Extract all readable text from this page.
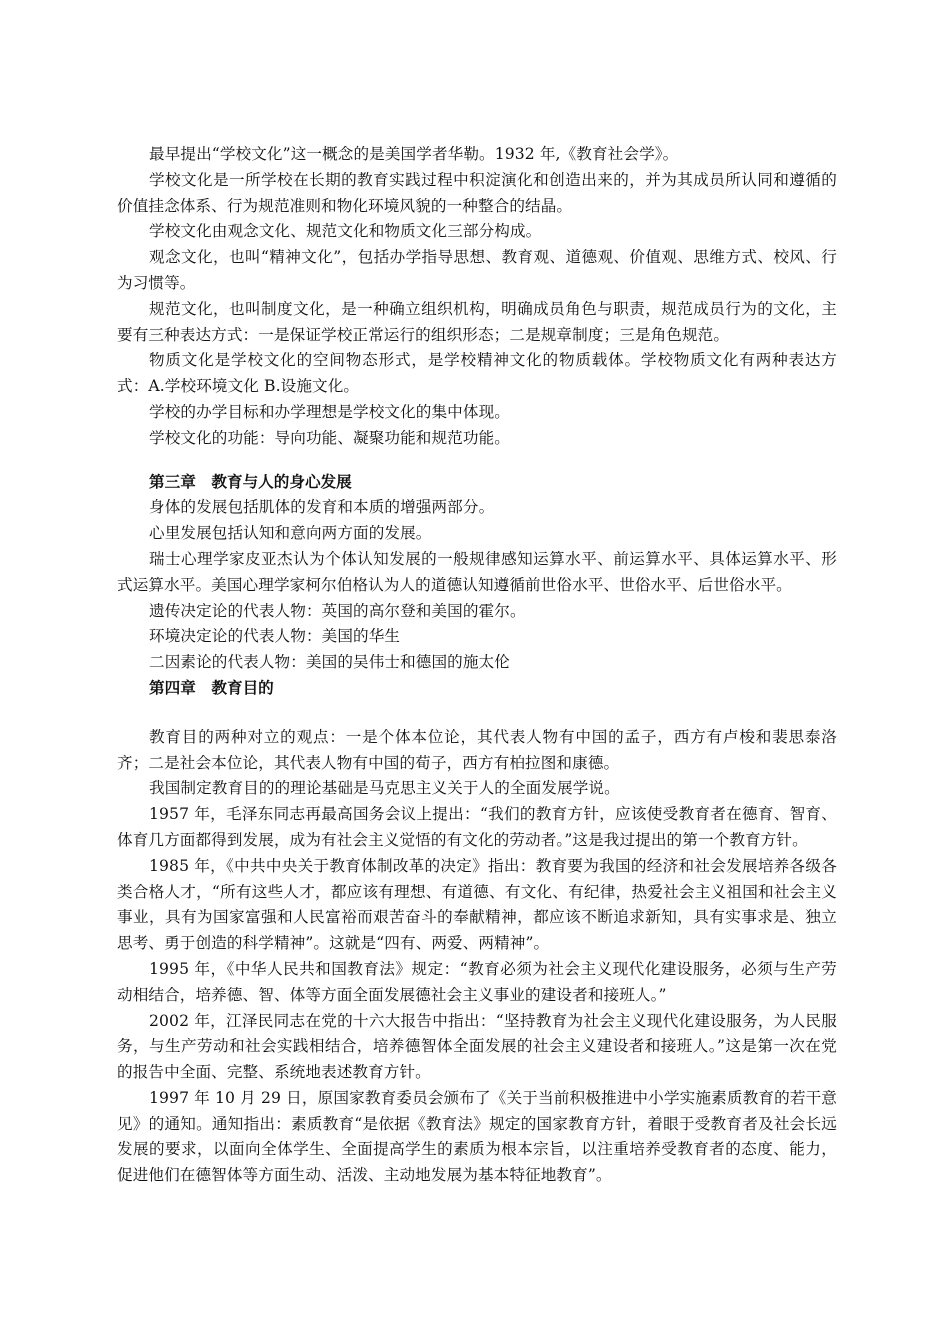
最早提出“学校文化”这一概念的是美国学者华勒。1932 年,《教育社会学》。

学校文化是一所学校在长期的教育实践过程中积淀演化和创造出来的，并为其成员所认同和遵循的价值挂念体系、行为规范准则和物化环境风貌的一种整合的结晶。

学校文化由观念文化、规范文化和物质文化三部分构成。

观念文化，也叫“精神文化”，包括办学指导思想、教育观、道德观、价值观、思维方式、校风、行为习惯等。

规范文化，也叫制度文化，是一种确立组织机构，明确成员角色与职责，规范成员行为的文化，主要有三种表达方式：一是保证学校正常运行的组织形态；二是规章制度；三是角色规范。

物质文化是学校文化的空间物态形式，是学校精神文化的物质载体。学校物质文化有两种表达方式：A.学校环境文化 B.设施文化。

学校的办学目标和办学理想是学校文化的集中体现。

学校文化的功能：导向功能、凝聚功能和规范功能。

第三章　教育与人的身心发展

身体的发展包括肌体的发育和本质的增强两部分。

心里发展包括认知和意向两方面的发展。

瑞士心理学家皮亚杰认为个体认知发展的一般规律感知运算水平、前运算水平、具体运算水平、形式运算水平。美国心理学家柯尔伯格认为人的道德认知遵循前世俗水平、世俗水平、后世俗水平。

遗传决定论的代表人物：英国的高尔登和美国的霍尔。

环境决定论的代表人物：美国的华生

二因素论的代表人物：美国的吴伟士和德国的施太伦

第四章　教育目的

教育目的两种对立的观点：一是个体本位论，其代表人物有中国的孟子，西方有卢梭和裴思泰洛齐；二是社会本位论，其代表人物有中国的荀子，西方有柏拉图和康德。

我国制定教育目的的理论基础是马克思主义关于人的全面发展学说。

1957 年，毛泽东同志再最高国务会议上提出：“我们的教育方针，应该使受教育者在德育、智育、体育几方面都得到发展，成为有社会主义觉悟的有文化的劳动者。”这是我过提出的第一个教育方针。

1985 年，《中共中央关于教育体制改革的决定》指出：教育要为我国的经济和社会发展培养各级各类合格人才，“所有这些人才，都应该有理想、有道德、有文化、有纪律，热爱社会主义祖国和社会主义事业，具有为国家富强和人民富裕而艰苦奋斗的奉献精神，都应该不断追求新知，具有实事求是、独立思考、勇于创造的科学精神”。这就是“四有、两爱、两精神”。

1995 年，《中华人民共和国教育法》规定：“教育必须为社会主义现代化建设服务，必须与生产劳动相结合，培养德、智、体等方面全面发展德社会主义事业的建设者和接班人。”

2002 年，江泽民同志在党的十六大报告中指出：“坚持教育为社会主义现代化建设服务，为人民服务，与生产劳动和社会实践相结合，培养德智体全面发展的社会主义建设者和接班人。”这是第一次在党的报告中全面、完整、系统地表述教育方针。

1997 年 10 月 29 日，原国家教育委员会颁布了《关于当前积极推进中小学实施素质教育的若干意见》的通知。通知指出：素质教育“是依据《教育法》规定的国家教育方针，着眼于受教育者及社会长远发展的要求，以面向全体学生、全面提高学生的素质为根本宗旨，以注重培养受教育者的态度、能力，促进他们在德智体等方面生动、活泼、主动地发展为基本特征地教育”。
